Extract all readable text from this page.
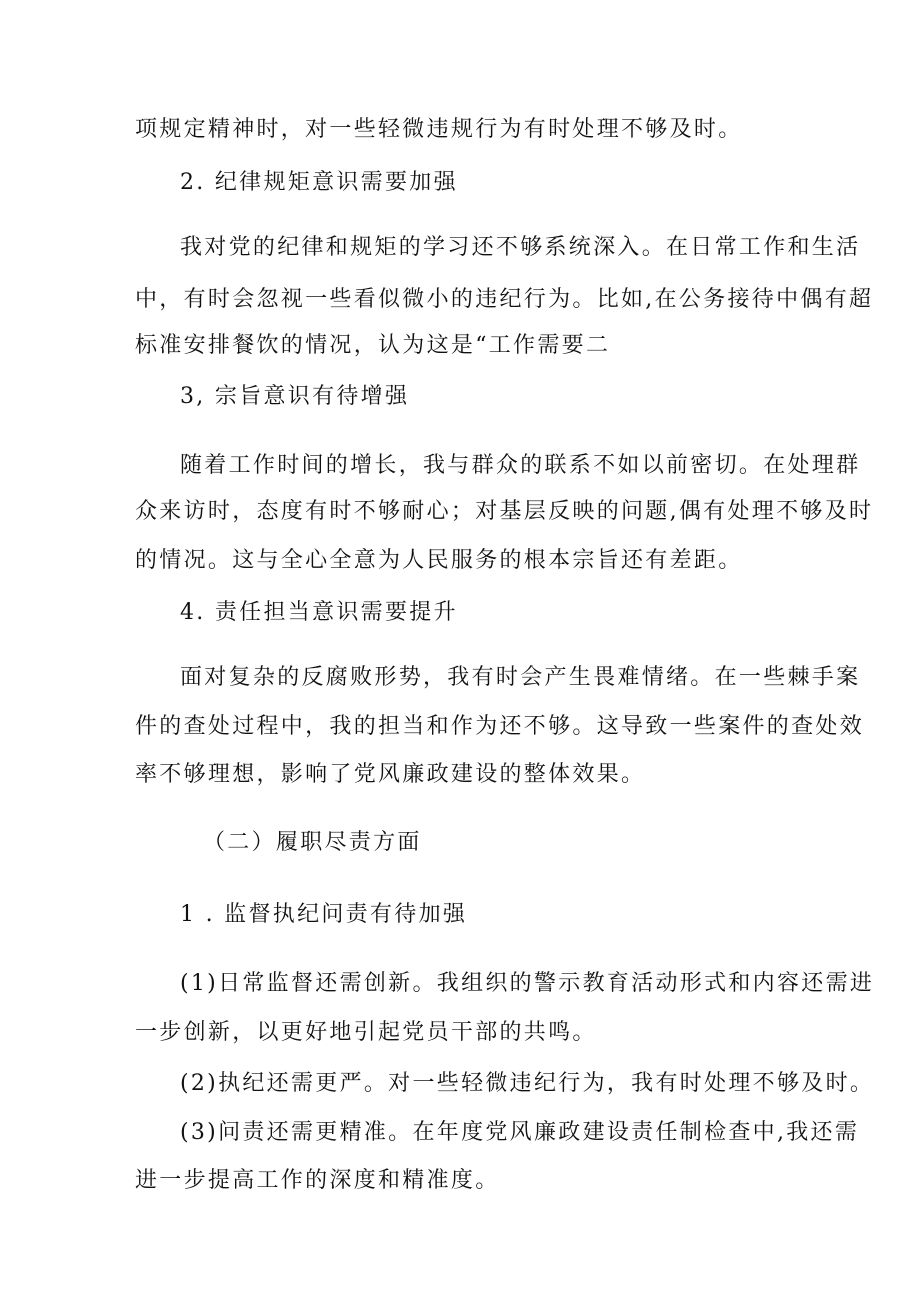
项规定精神时，对一些轻微违规行为有时处理不够及时。
2. 纪律规矩意识需要加强
我对党的纪律和规矩的学习还不够系统深入。在日常工作和生活
中，有时会忽视一些看似微小的违纪行为。比如,在公务接待中偶有超
标准安排餐饮的情况，认为这是“工作需要二
3, 宗旨意识有待增强
随着工作时间的增长，我与群众的联系不如以前密切。在处理群
众来访时，态度有时不够耐心；对基层反映的问题,偶有处理不够及时
的情况。这与全心全意为人民服务的根本宗旨还有差距。
4. 责任担当意识需要提升
面对复杂的反腐败形势，我有时会产生畏难情绪。在一些棘手案
件的查处过程中，我的担当和作为还不够。这导致一些案件的查处效
率不够理想，影响了党风廉政建设的整体效果。
（二）履职尽责方面
1 . 监督执纪问责有待加强
(1)日常监督还需创新。我组织的警示教育活动形式和内容还需进
一步创新，以更好地引起党员干部的共鸣。
(2)执纪还需更严。对一些轻微违纪行为，我有时处理不够及时。
(3)问责还需更精准。在年度党风廉政建设责任制检查中,我还需
进一步提高工作的深度和精准度。
